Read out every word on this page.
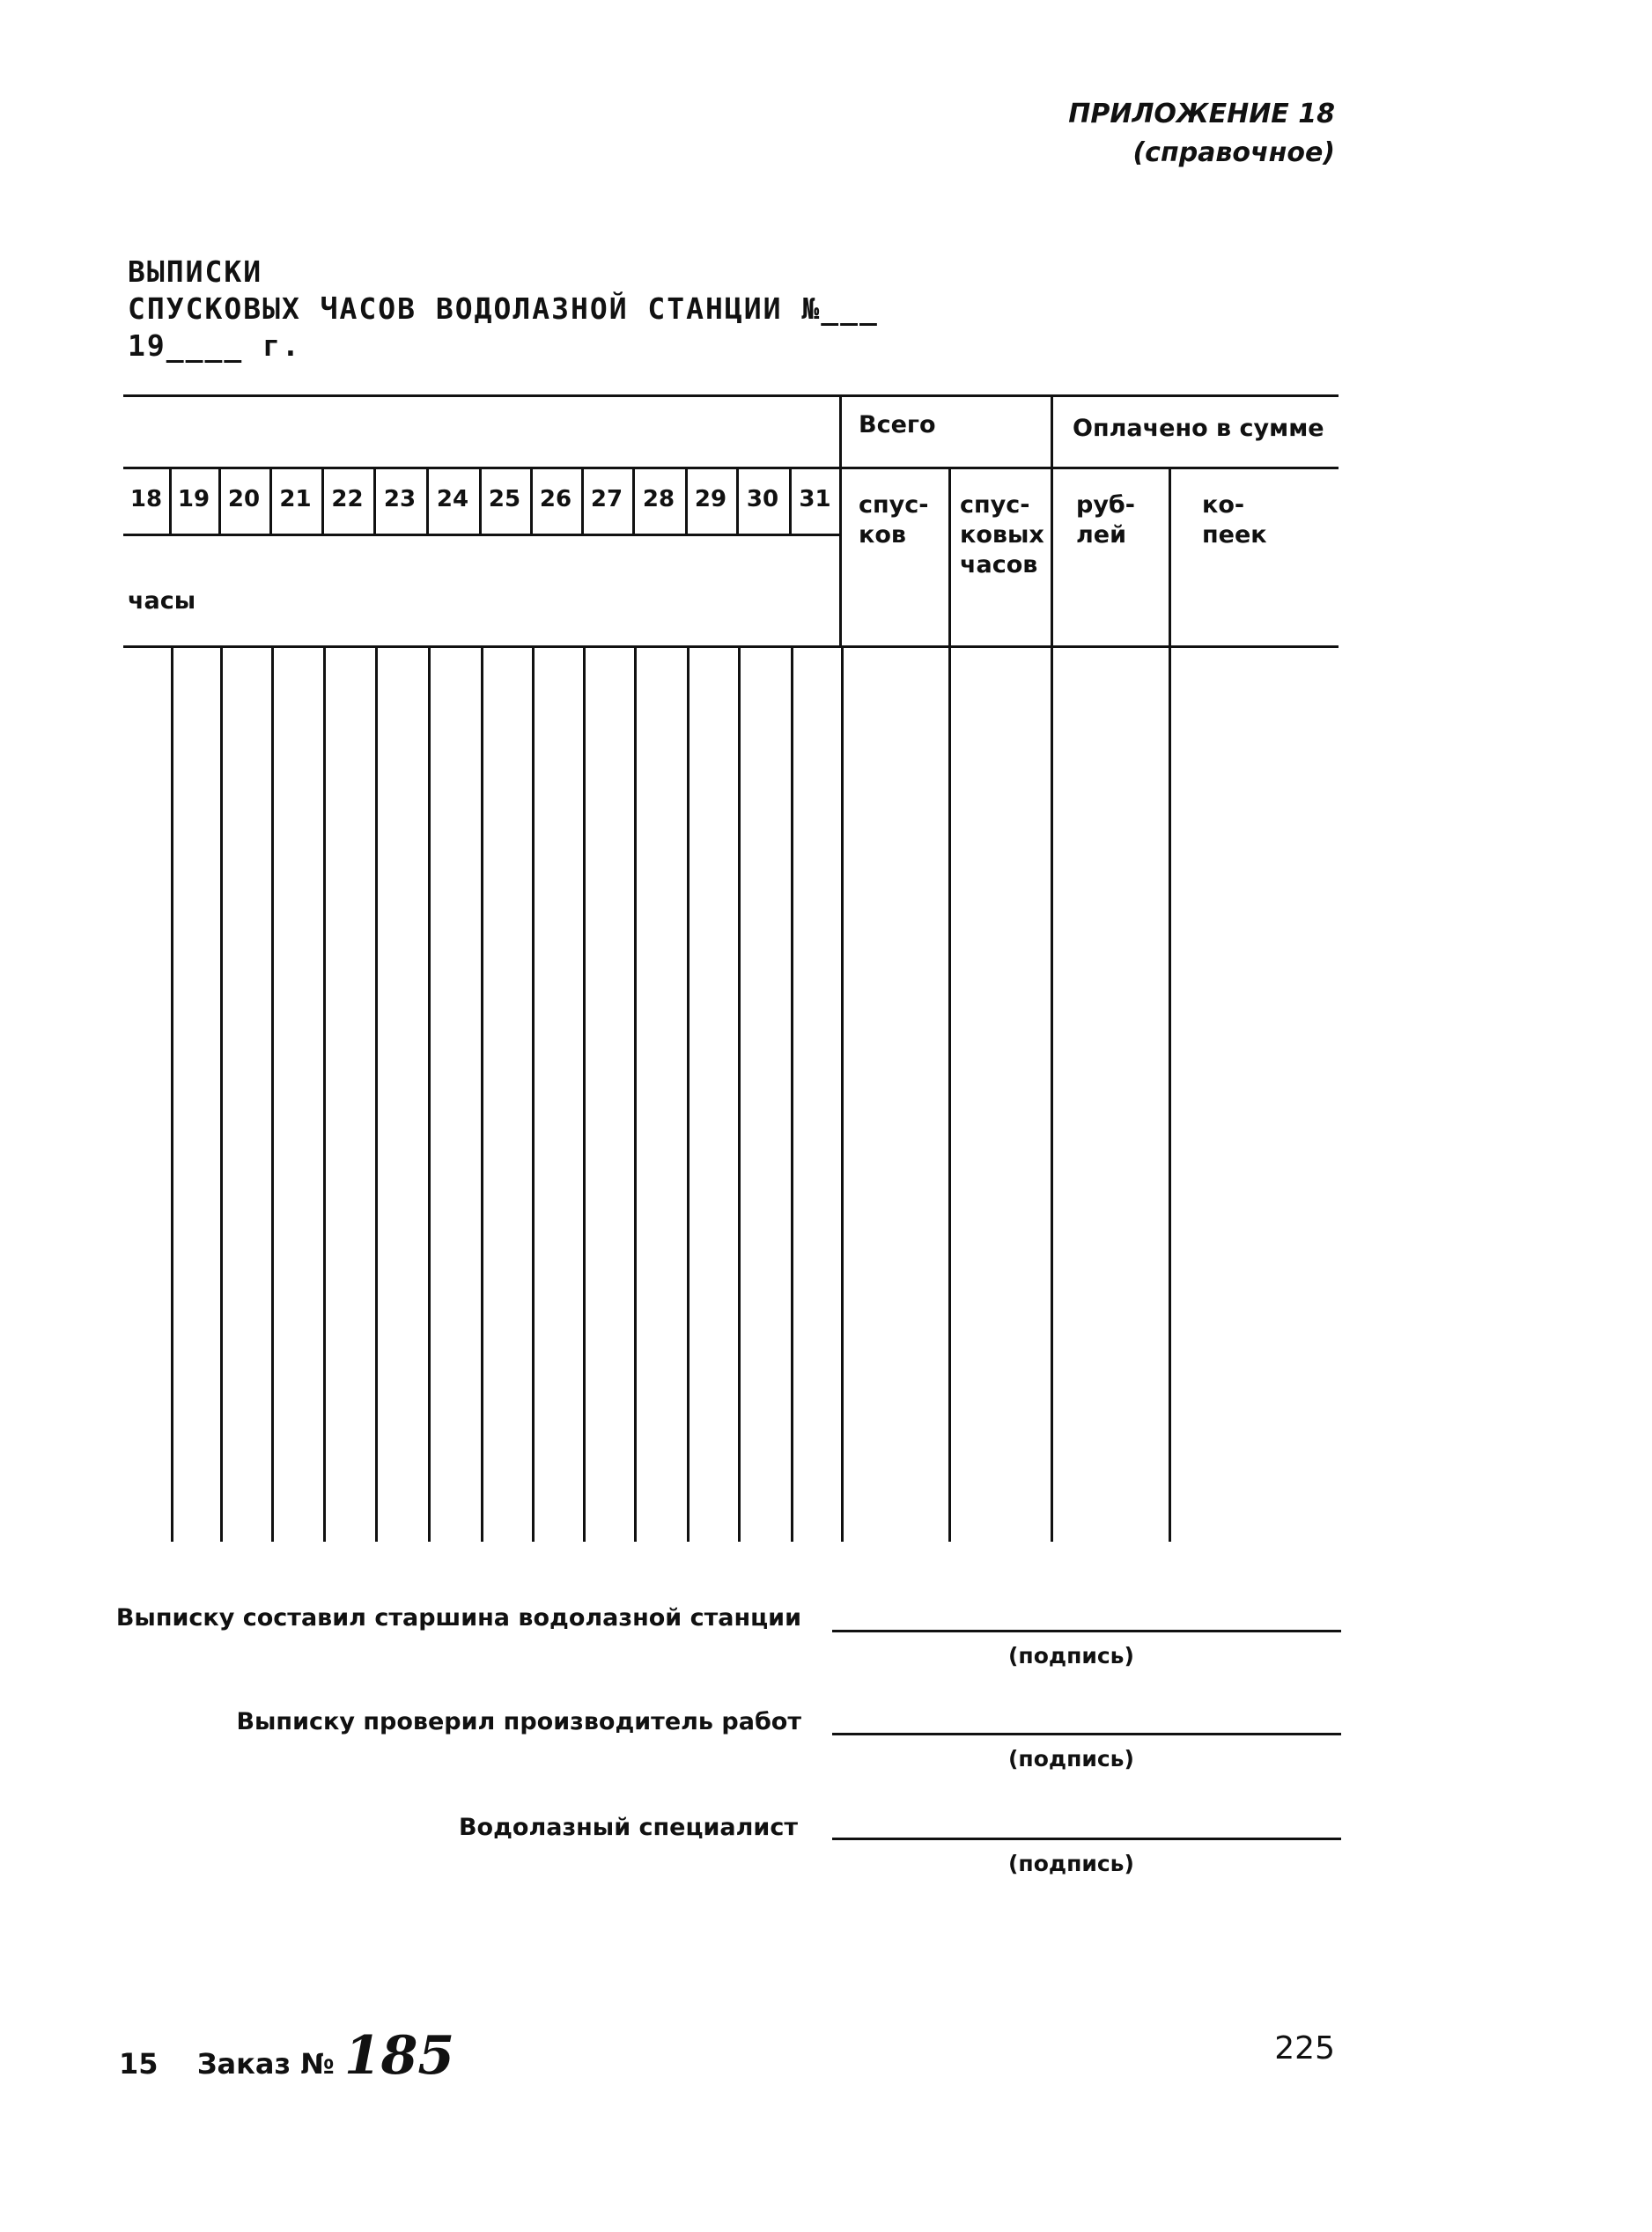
ПРИЛОЖЕНИЕ 18
(справочное)
ВЫПИСКИ
СПУСКОВЫХ ЧАСОВ ВОДОЛАЗНОЙ СТАНЦИИ №___
19____ г.
Всего	Оплачено в сумме
18 19 20 21 22 23 24 25 26 27 28 29 30 31
часы
спус-
ков
спус-
ковых
часов
руб-
лей
ко-
пеек
Выписку составил старшина водолазной станции
(подпись)
Выписку проверил производитель работ
(подпись)
Водолазный специалист
(подпись)
15 Заказ № 185	225
